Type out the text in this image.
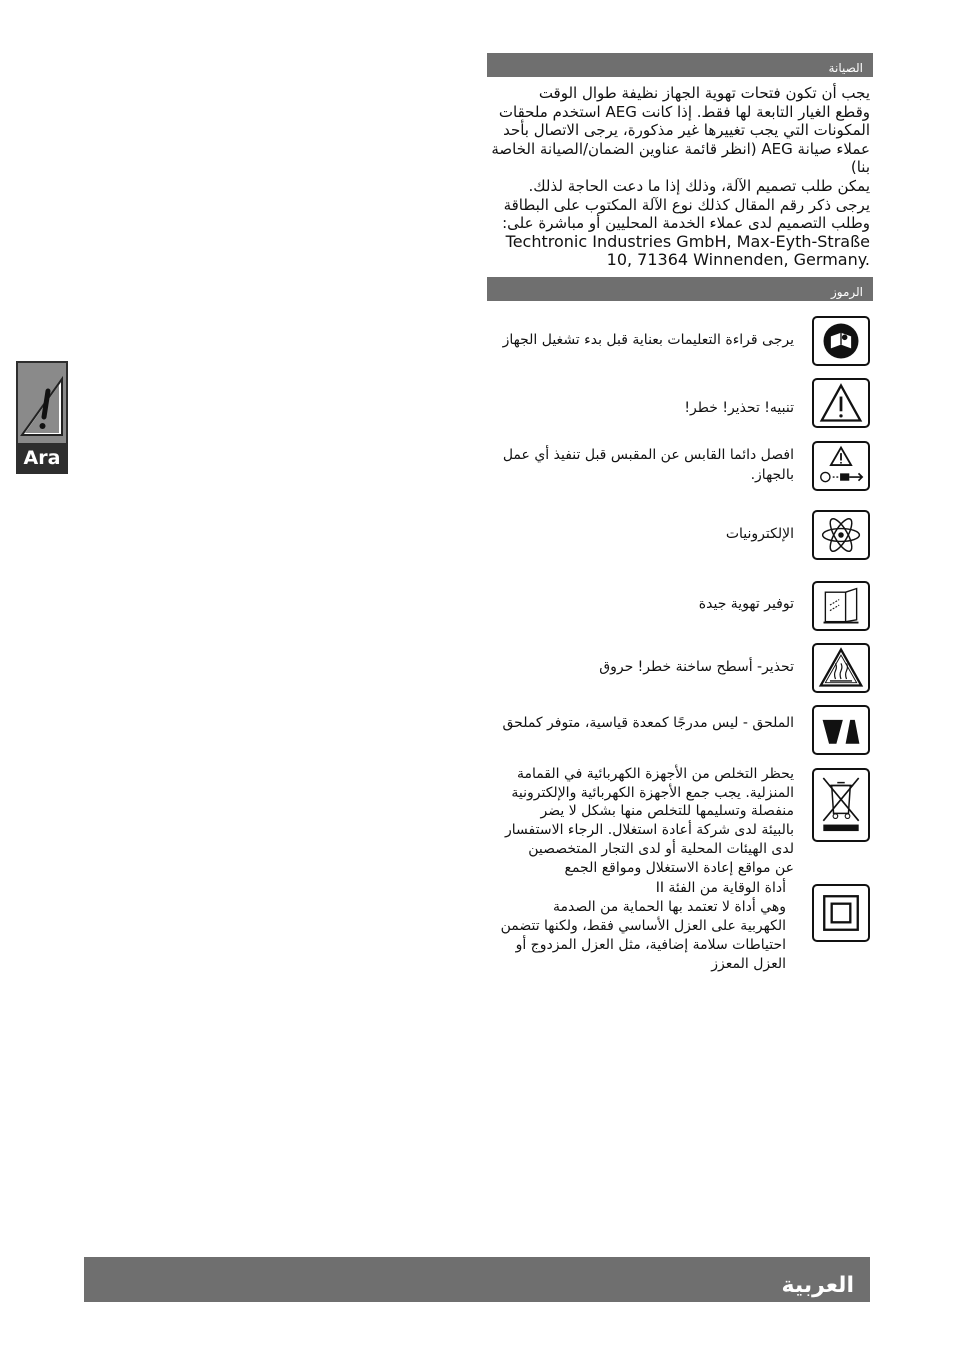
Ara
الصيانة

يجب أن تكون فتحات تهوية الجهاز نظيفة طوال الوقت

وقطع الغيار التابعة لها فقط. إذا كانت AEG استخدم ملحقات

المكونات التي يجب تغييرها غير مذكورة، يرجى الاتصال بأحد

عملاء صيانة AEG (انظر قائمة عناوين الضمان/الصيانة الخاصة

بنا)

يمكن طلب تصميم الآلة، وذلك إذا ما دعت الحاجة لذلك.

يرجى ذكر رقم المقال كذلك نوع الآلة المكتوب على البطاقة

وطلب التصميم لدى عملاء الخدمة المحليين أو مباشرة على:

Techtronic Industries GmbH, Max-Eyth-Straße

10, 71364 Winnenden, Germany.

الرموز
يرجى قراءة التعليمات بعناية قبل بدء تشغيل الجهاز
تنبيه! تحذير! خطر!
افصل دائما القابس عن المقبس قبل تنفيذ أي عمل
بالجهاز.
الإلكترونيات
توفير تهوية جيدة
تحذير- أسطح ساخنة خطر! حروق
الملحق - ليس مدرجًا كمعدة قياسية، متوفر كملحق
يحظر التخلص من الأجهزة الكهربائية في القمامة
المنزلية. يجب جمع الأجهزة الكهربائية والإلكترونية
منفصلة وتسليمها للتخلص منها بشكل لا يضر
بالبيئة لدى شركة أعادة استغلال. الرجاء الاستفسار
لدى الهيئات المحلية أو لدى التجار المتخصصين
عن مواقع إعادة الاستغلال ومواقع الجمع
أداة الوقاية من الفئة II
وهي أداة لا تعتمد بها الحماية من الصدمة
الكهربية على العزل الأساسي فقط، ولكنها تتضمن
احتياطات سلامة إضافية، مثل العزل المزدوج أو
العزل المعزز
العربية
